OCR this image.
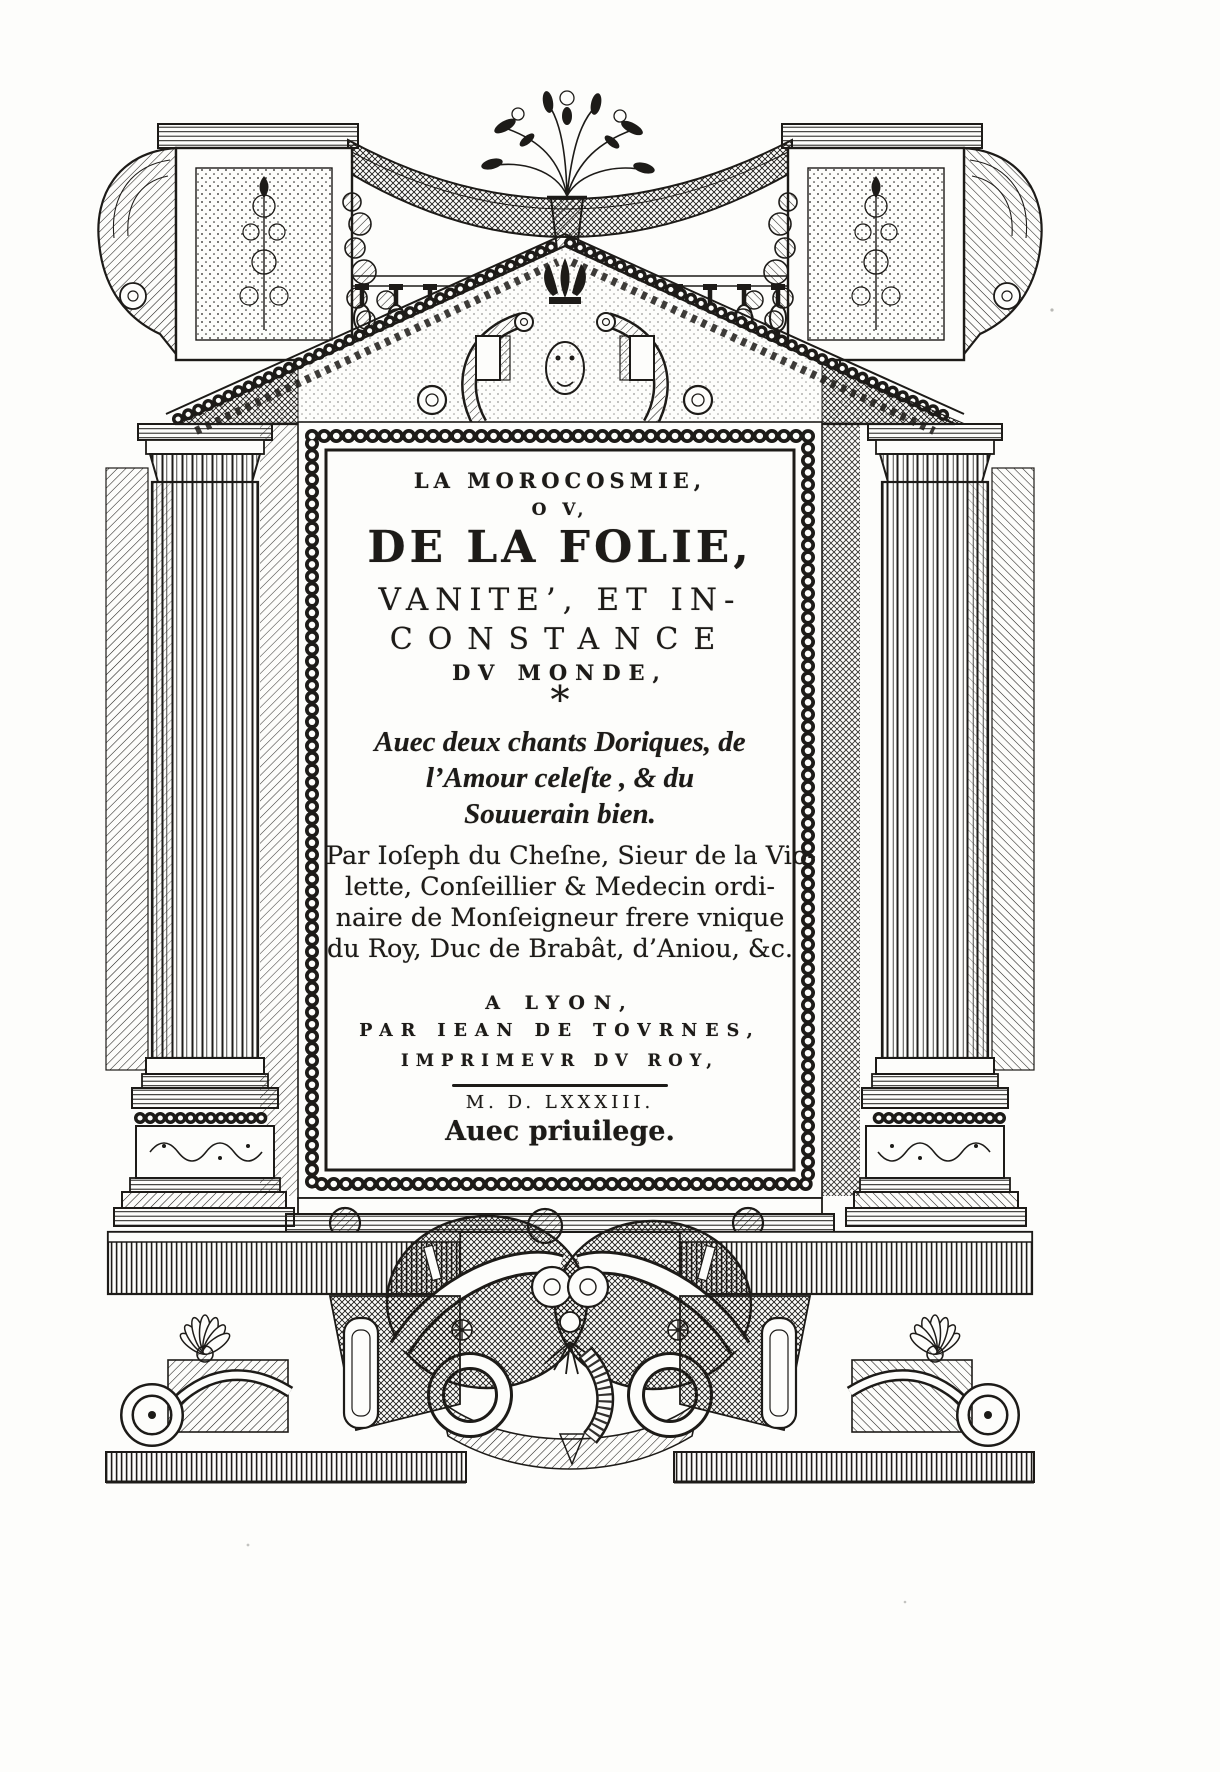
LA MOROCOSMIE,
O V,
DE LA FOLIE,
VANITE’, ET IN-
CONSTANCE
DV MONDE,
*
Auec deux chants Doriques, de
l’Amour celeſte , & du
Souuerain bien.
Par Ioſeph du Cheſne, Sieur de la Vio-
lette, Conſeillier & Medecin ordi-
naire de Monſeigneur frere vnique
du Roy, Duc de Brabât, d’Aniou, &c.
A LYON,
PAR IEAN DE TOVRNES,
IMPRIMEVR DV ROY,
M. D. LXXXIII.
Auec priuilege.
